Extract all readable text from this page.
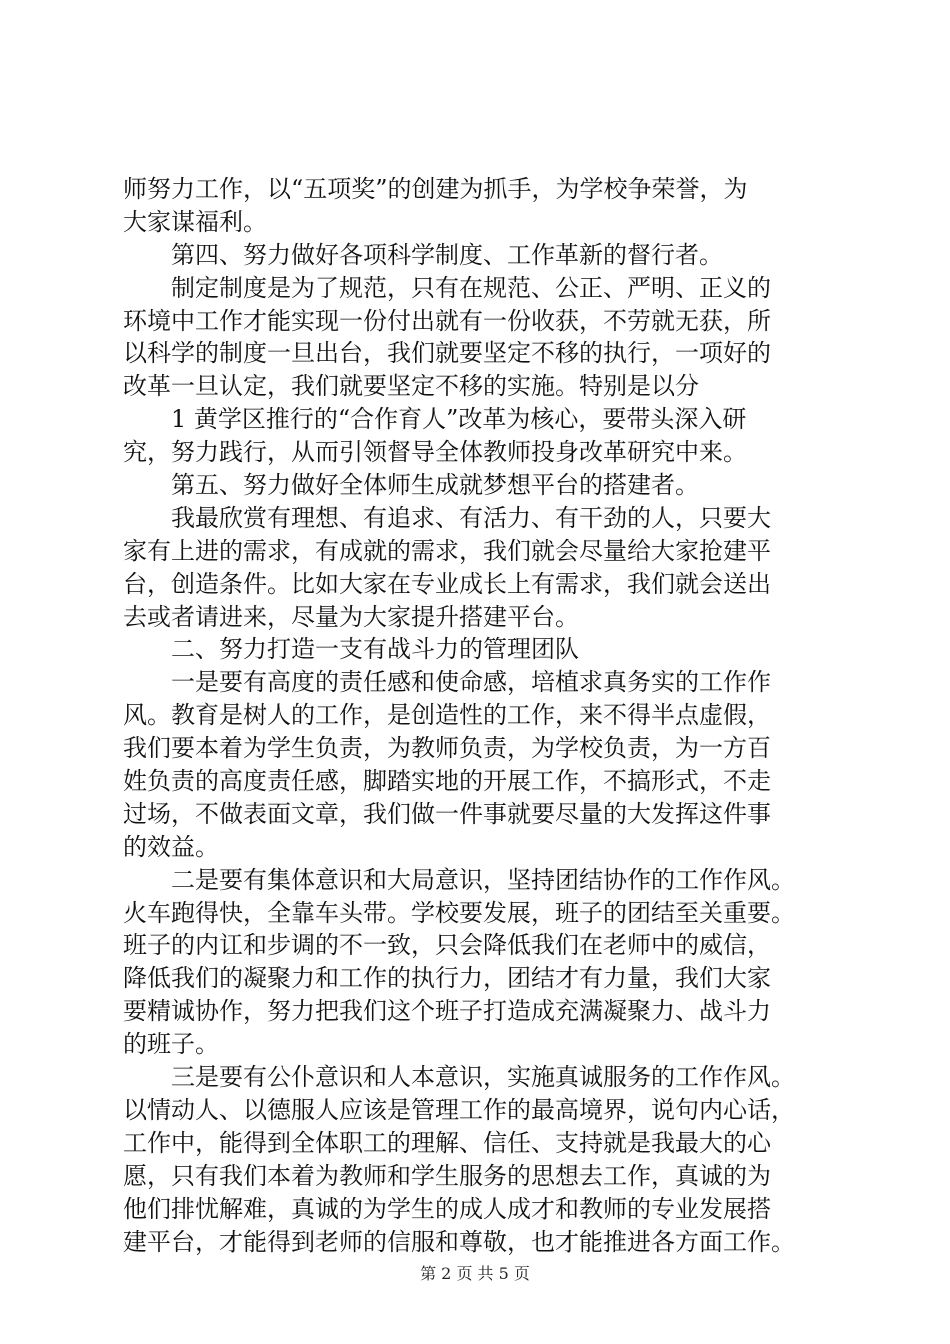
师努力工作，以“五项奖”的创建为抓手，为学校争荣誉，为
大家谋福利。
第四、努力做好各项科学制度、工作革新的督行者。
制定制度是为了规范，只有在规范、公正、严明、正义的
环境中工作才能实现一份付出就有一份收获，不劳就无获，所
以科学的制度一旦出台，我们就要坚定不移的执行，一项好的
改革一旦认定，我们就要坚定不移的实施。特别是以分
1 黄学区推行的“合作育人”改革为核心，要带头深入研
究，努力践行，从而引领督导全体教师投身改革研究中来。
第五、努力做好全体师生成就梦想平台的搭建者。
我最欣赏有理想、有追求、有活力、有干劲的人，只要大
家有上进的需求，有成就的需求，我们就会尽量给大家抢建平
台，创造条件。比如大家在专业成长上有需求，我们就会送出
去或者请进来，尽量为大家提升搭建平台。
二、努力打造一支有战斗力的管理团队
一是要有高度的责任感和使命感，培植求真务实的工作作
风。教育是树人的工作，是创造性的工作，来不得半点虚假，
我们要本着为学生负责，为教师负责，为学校负责，为一方百
姓负责的高度责任感，脚踏实地的开展工作，不搞形式，不走
过场，不做表面文章，我们做一件事就要尽量的大发挥这件事
的效益。
二是要有集体意识和大局意识，坚持团结协作的工作作风。
火车跑得快，全靠车头带。学校要发展，班子的团结至关重要。
班子的内讧和步调的不一致，只会降低我们在老师中的威信，
降低我们的凝聚力和工作的执行力，团结才有力量，我们大家
要精诚协作，努力把我们这个班子打造成充满凝聚力、战斗力
的班子。
三是要有公仆意识和人本意识，实施真诚服务的工作作风。
以情动人、以德服人应该是管理工作的最高境界，说句内心话，
工作中，能得到全体职工的理解、信任、支持就是我最大的心
愿，只有我们本着为教师和学生服务的思想去工作，真诚的为
他们排忧解难，真诚的为学生的成人成才和教师的专业发展搭
建平台，才能得到老师的信服和尊敬，也才能推进各方面工作。
第 2 页 共 5 页
